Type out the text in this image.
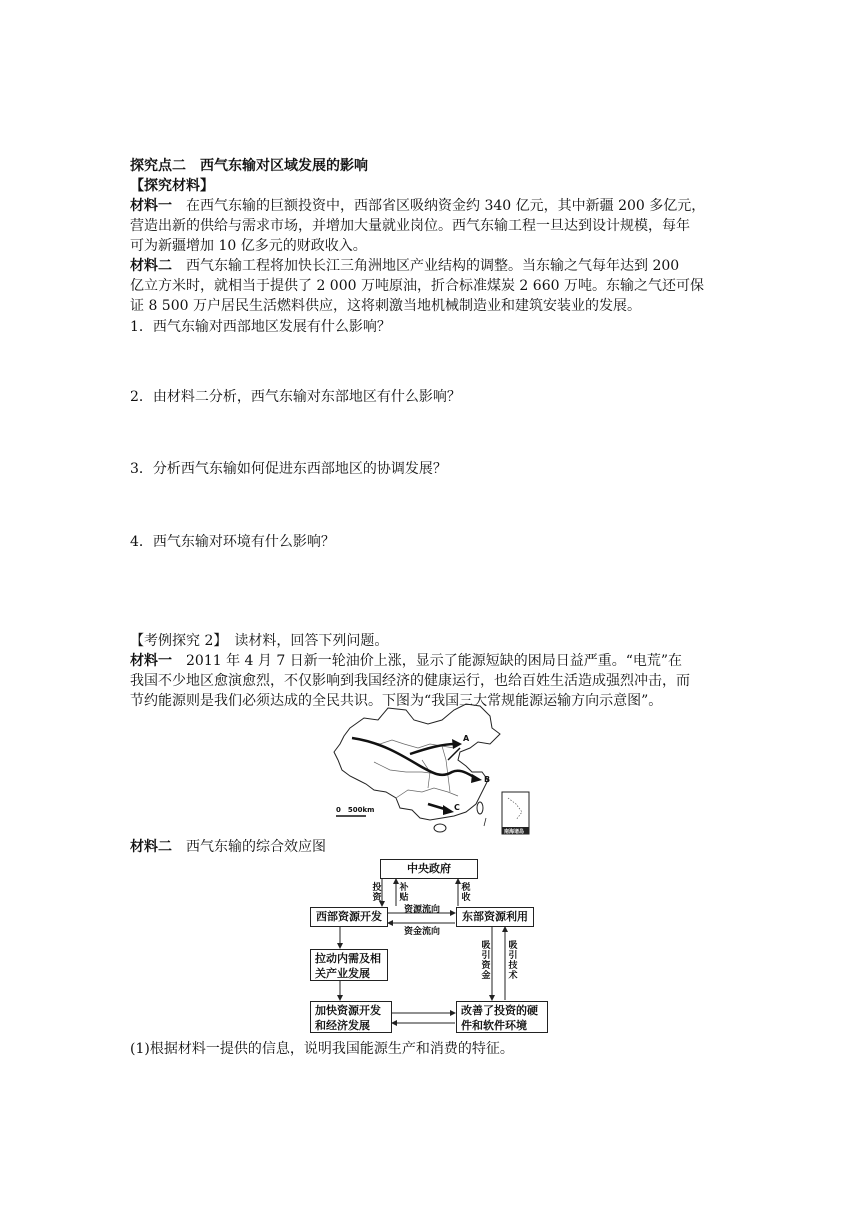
探究点二　西气东输对区域发展的影响
【探究材料】
材料一　在西气东输的巨额投资中，西部省区吸纳资金约 340 亿元，其中新疆 200 多亿元，
营造出新的供给与需求市场，并增加大量就业岗位。西气东输工程一旦达到设计规模，每年
可为新疆增加 10 亿多元的财政收入。
材料二　西气东输工程将加快长江三角洲地区产业结构的调整。当东输之气每年达到 200
亿立方米时，就相当于提供了 2 000 万吨原油，折合标准煤炭 2 660 万吨。东输之气还可保
证 8 500 万户居民生活燃料供应，这将刺激当地机械制造业和建筑安装业的发展。
1．西气东输对西部地区发展有什么影响？
2．由材料二分析，西气东输对东部地区有什么影响？
3．分析西气东输如何促进东西部地区的协调发展？
4．西气东输对环境有什么影响？
【考例探究 2】　读材料，回答下列问题。
材料一　2011 年 4 月 7 日新一轮油价上涨，显示了能源短缺的困局日益严重。“电荒”在
我国不少地区愈演愈烈，不仅影响到我国经济的健康运行，也给百姓生活造成强烈冲击，而
节约能源则是我们必须达成的全民共识。下图为“我国三大常规能源运输方向示意图”。
A
B
C
0　500km
南海诸岛
材料二　西气东输的综合效应图
中央政府
西部资源开发	东部资源利用
拉动内需及相关产业发展
加快资源开发和经济发展
改善了投资的硬件和软件环境
投资
补贴
税收
资源流向
资金流向
吸引资金
吸引技术
(1)根据材料一提供的信息，说明我国能源生产和消费的特征。
